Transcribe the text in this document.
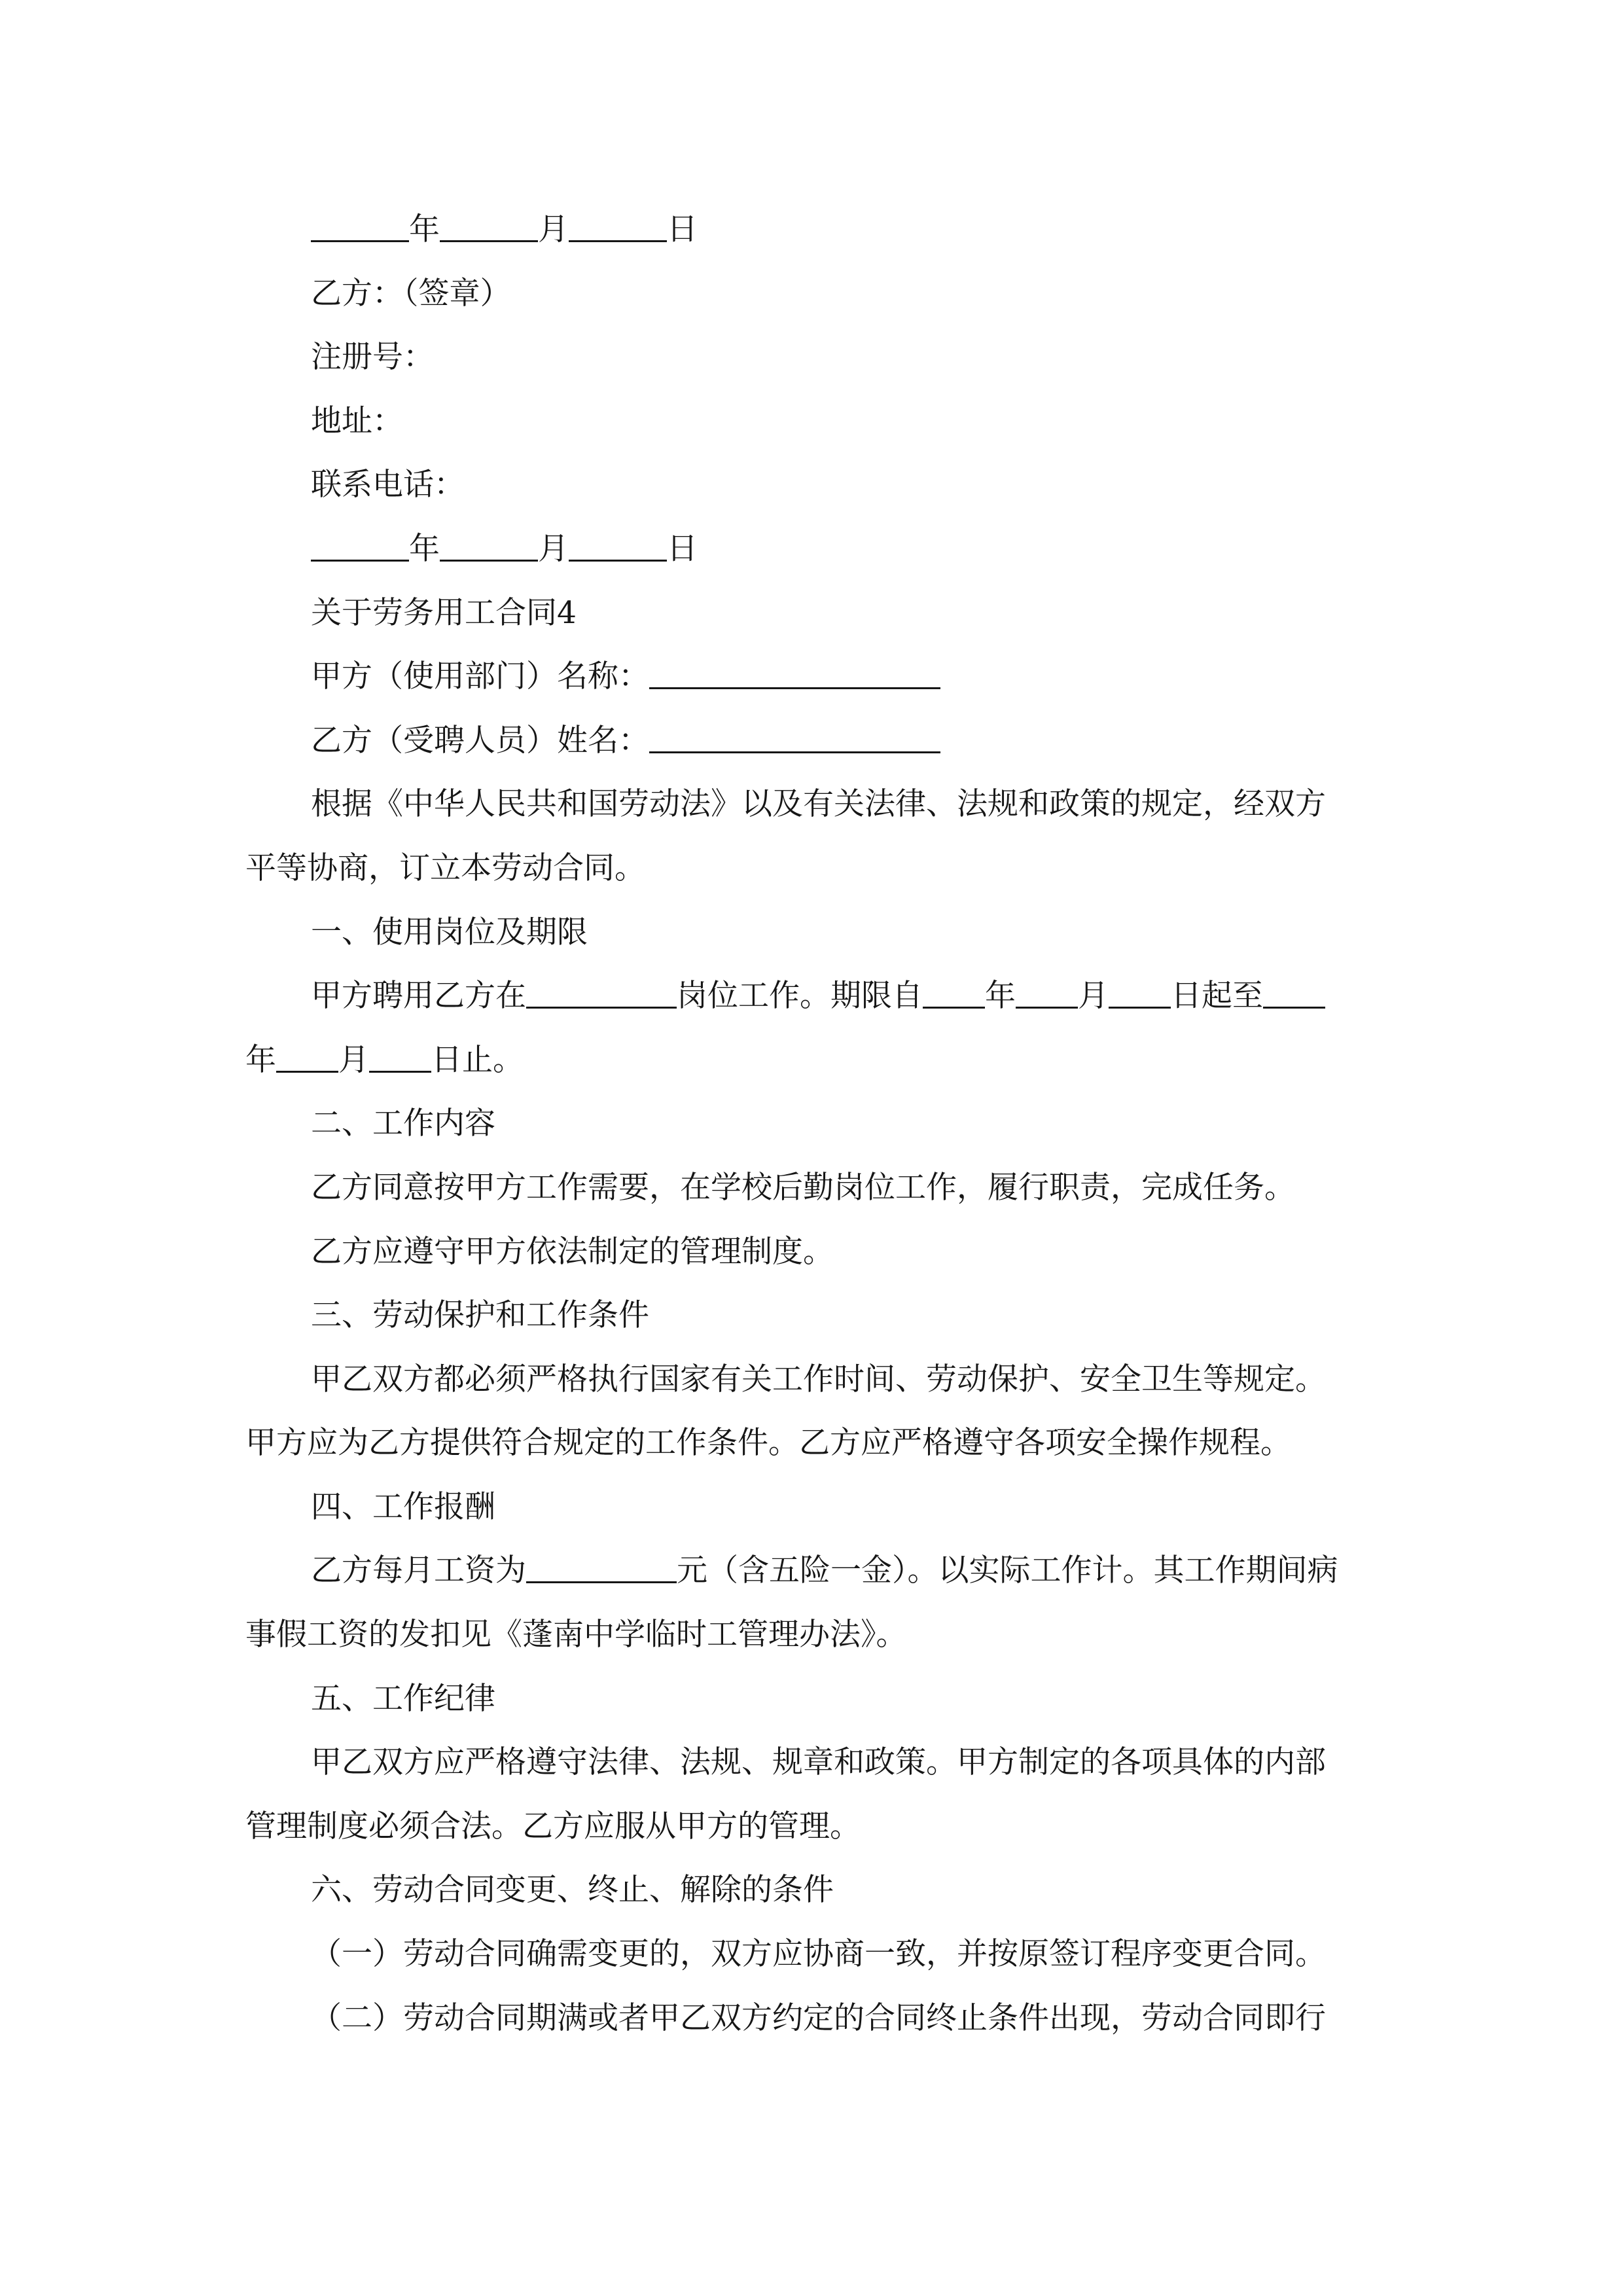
年	月	日
乙方：（签章）
注册号：
地址：
联系电话：
年	月	日
关于劳务用工合同4
甲方（使用部门）名称：
乙方（受聘人员）姓名：
根据《中华人民共和国劳动法》以及有关法律、法规和政策的规定，经双方
平等协商，订立本劳动合同。
一、使用岗位及期限
甲方聘用乙方在	岗位工作。期限自 年 月 日起至
年 月 日止。
二、工作内容
乙方同意按甲方工作需要，在学校后勤岗位工作，履行职责，完成任务。
乙方应遵守甲方依法制定的管理制度。
三、劳动保护和工作条件
甲乙双方都必须严格执行国家有关工作时间、劳动保护、安全卫生等规定。
甲方应为乙方提供符合规定的工作条件。乙方应严格遵守各项安全操作规程。
四、工作报酬
乙方每月工资为	元（含五险一金）。以实际工作计。其工作期间病
事假工资的发扣见《蓬南中学临时工管理办法》。
五、工作纪律
甲乙双方应严格遵守法律、法规、规章和政策。甲方制定的各项具体的内部
管理制度必须合法。乙方应服从甲方的管理。
六、劳动合同变更、终止、解除的条件
（一）劳动合同确需变更的，双方应协商一致，并按原签订程序变更合同。
（二）劳动合同期满或者甲乙双方约定的合同终止条件出现，劳动合同即行
